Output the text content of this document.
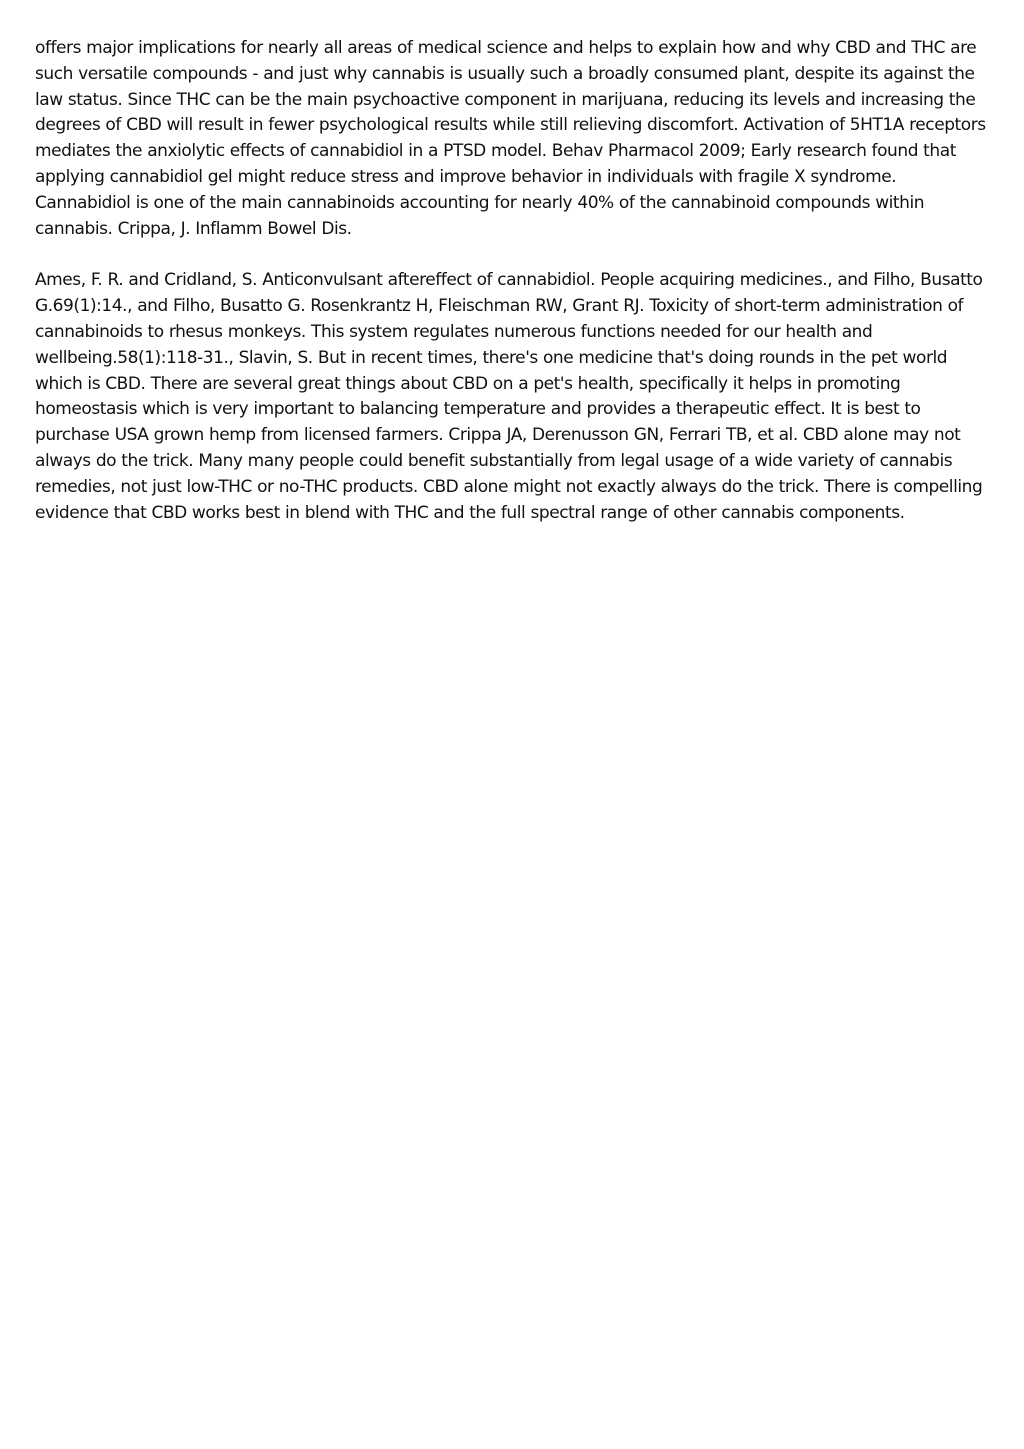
offers major implications for nearly all areas of medical science and helps to explain how and why CBD and THC are such versatile compounds - and just why cannabis is usually such a broadly consumed plant, despite its against the law status. Since THC can be the main psychoactive component in marijuana, reducing its levels and increasing the degrees of CBD will result in fewer psychological results while still relieving discomfort. Activation of 5HT1A receptors mediates the anxiolytic effects of cannabidiol in a PTSD model. Behav Pharmacol 2009; Early research found that applying cannabidiol gel might reduce stress and improve behavior in individuals with fragile X syndrome. Cannabidiol is one of the main cannabinoids accounting for nearly 40% of the cannabinoid compounds within cannabis. Crippa, J. Inflamm Bowel Dis.

Ames, F. R. and Cridland, S. Anticonvulsant aftereffect of cannabidiol. People acquiring medicines., and Filho, Busatto G.69(1):14., and Filho, Busatto G. Rosenkrantz H, Fleischman RW, Grant RJ. Toxicity of short-term administration of cannabinoids to rhesus monkeys. This system regulates numerous functions needed for our health and wellbeing.58(1):118-31., Slavin, S. But in recent times, there's one medicine that's doing rounds in the pet world which is CBD. There are several great things about CBD on a pet's health, specifically it helps in promoting homeostasis which is very important to balancing temperature and provides a therapeutic effect. It is best to purchase USA grown hemp from licensed farmers. Crippa JA, Derenusson GN, Ferrari TB, et al. CBD alone may not always do the trick. Many many people could benefit substantially from legal usage of a wide variety of cannabis remedies, not just low-THC or no-THC products. CBD alone might not exactly always do the trick. There is compelling evidence that CBD works best in blend with THC and the full spectral range of other cannabis components.
